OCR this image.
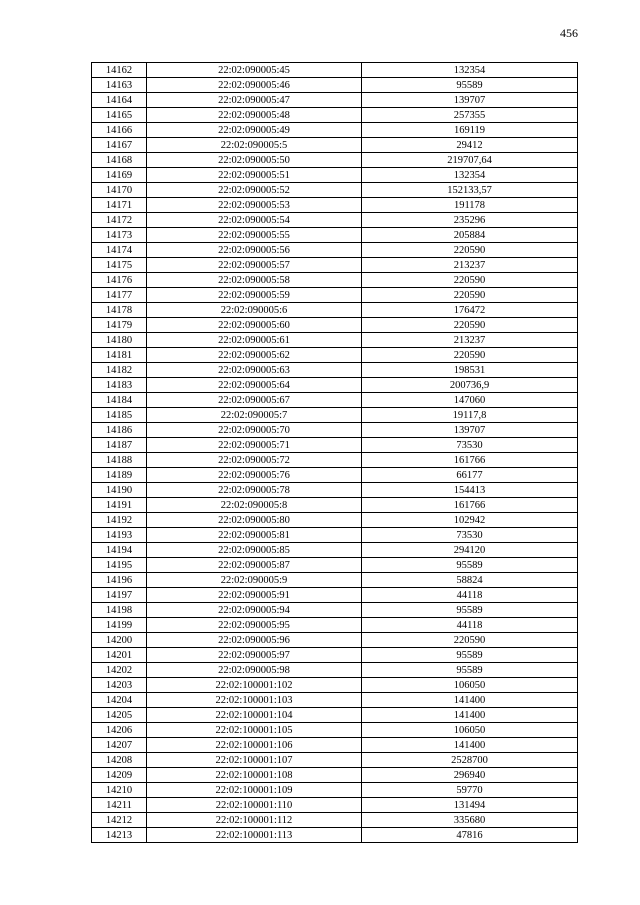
456
14162	22:02:090005:45	132354
14163	22:02:090005:46	95589
14164	22:02:090005:47	139707
14165	22:02:090005:48	257355
14166	22:02:090005:49	169119
14167	22:02:090005:5	29412
14168	22:02:090005:50	219707,64
14169	22:02:090005:51	132354
14170	22:02:090005:52	152133,57
14171	22:02:090005:53	191178
14172	22:02:090005:54	235296
14173	22:02:090005:55	205884
14174	22:02:090005:56	220590
14175	22:02:090005:57	213237
14176	22:02:090005:58	220590
14177	22:02:090005:59	220590
14178	22:02:090005:6	176472
14179	22:02:090005:60	220590
14180	22:02:090005:61	213237
14181	22:02:090005:62	220590
14182	22:02:090005:63	198531
14183	22:02:090005:64	200736,9
14184	22:02:090005:67	147060
14185	22:02:090005:7	19117,8
14186	22:02:090005:70	139707
14187	22:02:090005:71	73530
14188	22:02:090005:72	161766
14189	22:02:090005:76	66177
14190	22:02:090005:78	154413
14191	22:02:090005:8	161766
14192	22:02:090005:80	102942
14193	22:02:090005:81	73530
14194	22:02:090005:85	294120
14195	22:02:090005:87	95589
14196	22:02:090005:9	58824
14197	22:02:090005:91	44118
14198	22:02:090005:94	95589
14199	22:02:090005:95	44118
14200	22:02:090005:96	220590
14201	22:02:090005:97	95589
14202	22:02:090005:98	95589
14203	22:02:100001:102	106050
14204	22:02:100001:103	141400
14205	22:02:100001:104	141400
14206	22:02:100001:105	106050
14207	22:02:100001:106	141400
14208	22:02:100001:107	2528700
14209	22:02:100001:108	296940
14210	22:02:100001:109	59770
14211	22:02:100001:110	131494
14212	22:02:100001:112	335680
14213	22:02:100001:113	47816
